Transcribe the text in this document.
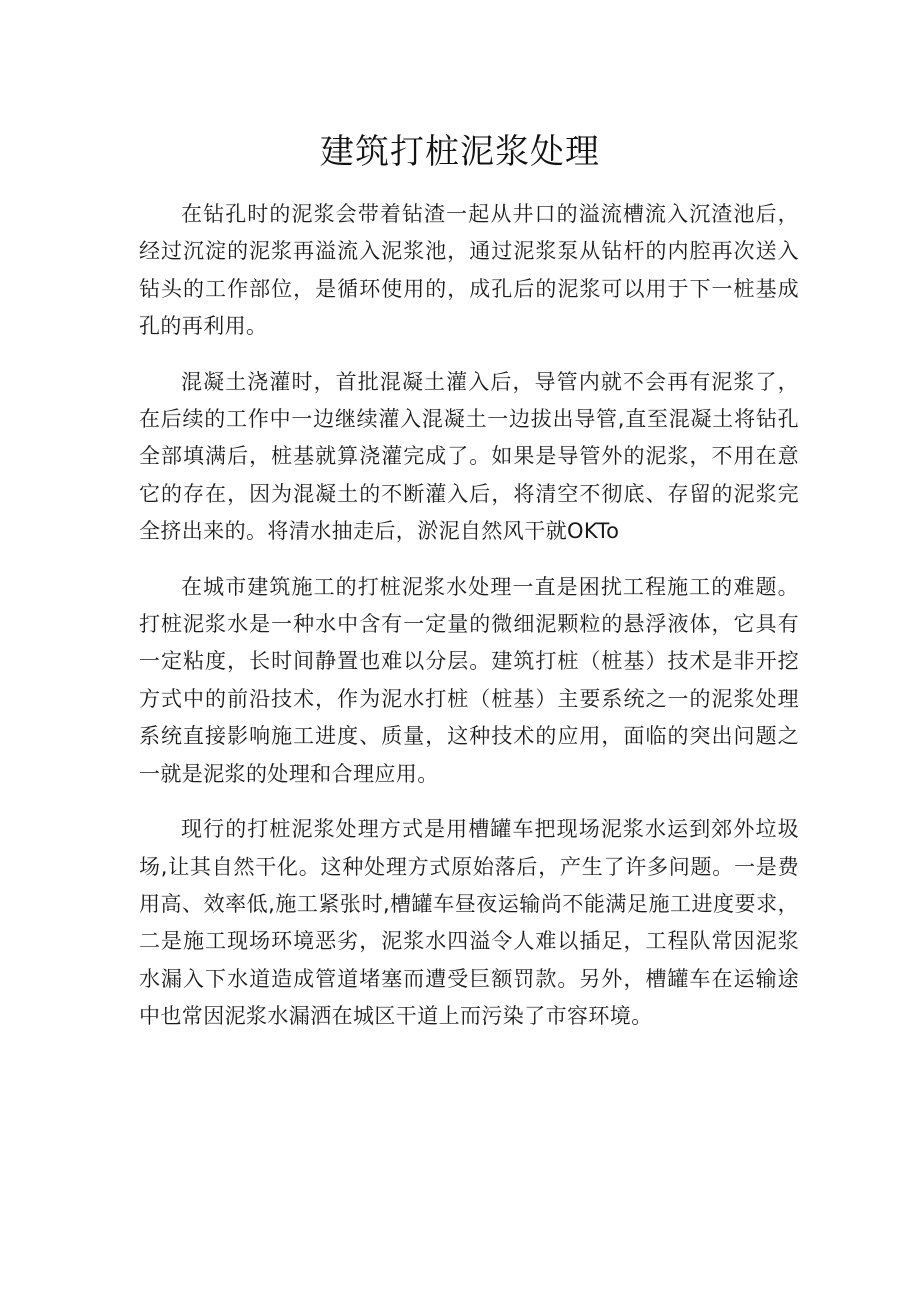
建筑打桩泥浆处理

在钻孔时的泥浆会带着钻渣一起从井口的溢流槽流入沉渣池后，经过沉淀的泥浆再溢流入泥浆池，通过泥浆泵从钻杆的内腔再次送入钻头的工作部位，是循环使用的，成孔后的泥浆可以用于下一桩基成孔的再利用。

混凝土浇灌时，首批混凝土灌入后，导管内就不会再有泥浆了，在后续的工作中一边继续灌入混凝土一边拔出导管,直至混凝土将钻孔全部填满后，桩基就算浇灌完成了。如果是导管外的泥浆，不用在意它的存在，因为混凝土的不断灌入后，将清空不彻底、存留的泥浆完全挤出来的。将清水抽走后，淤泥自然风干就OKTo

在城市建筑施工的打桩泥浆水处理一直是困扰工程施工的难题。打桩泥浆水是一种水中含有一定量的微细泥颗粒的悬浮液体，它具有一定粘度，长时间静置也难以分层。建筑打桩（桩基）技术是非开挖方式中的前沿技术，作为泥水打桩（桩基）主要系统之一的泥浆处理系统直接影响施工进度、质量，这种技术的应用，面临的突出问题之一就是泥浆的处理和合理应用。

现行的打桩泥浆处理方式是用槽罐车把现场泥浆水运到郊外垃圾场,让其自然干化。这种处理方式原始落后，产生了许多问题。一是费用高、效率低,施工紧张时,槽罐车昼夜运输尚不能满足施工进度要求，二是施工现场环境恶劣，泥浆水四溢令人难以插足，工程队常因泥浆水漏入下水道造成管道堵塞而遭受巨额罚款。另外，槽罐车在运输途中也常因泥浆水漏洒在城区干道上而污染了市容环境。
